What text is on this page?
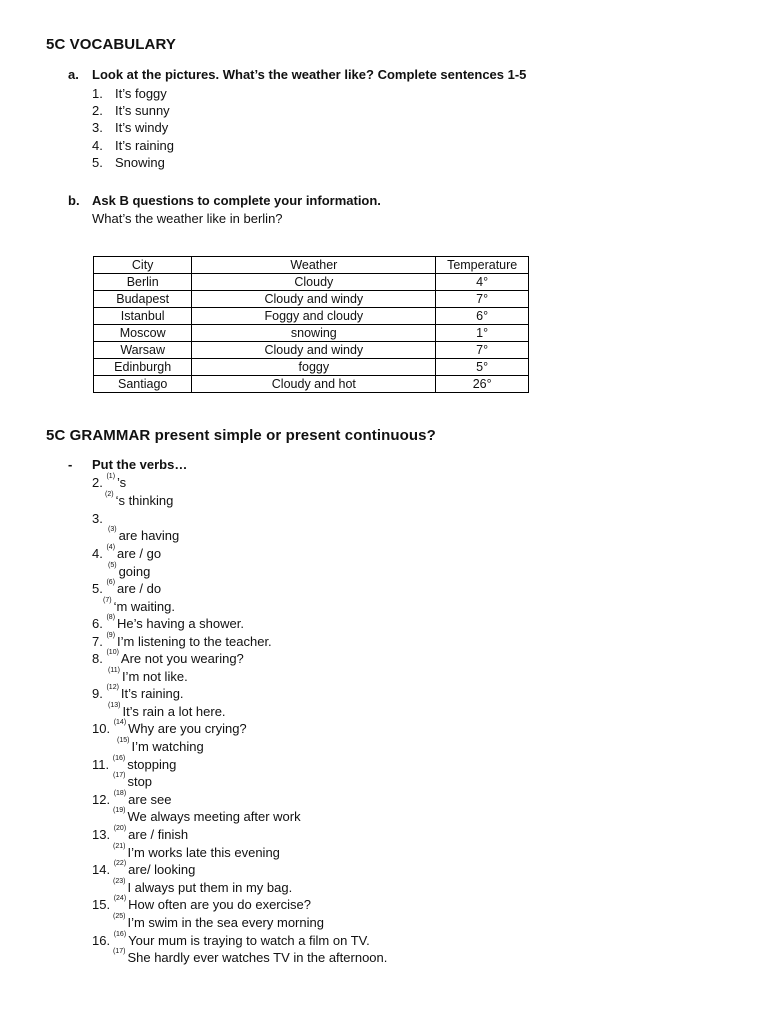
5C VOCABULARY
a. Look at the pictures. What’s the weather like? Complete sentences 1-5
1. It’s foggy
2. It’s sunny
3. It’s windy
4. It’s raining
5. Snowing
b. Ask B questions to complete your information.
What’s the weather like in berlin?
City	Weather	Temperature
Berlin	Cloudy	4°
Budapest	Cloudy and windy	7°
Istanbul	Foggy and cloudy	6°
Moscow	snowing	1°
Warsaw	Cloudy and windy	7°
Edinburgh	foggy	5°
Santiago	Cloudy and hot	26°
5C GRAMMAR present simple or present continuous?
- Put the verbs…
2. $^{(1)}$ ’s
$^{(2)}$ ‘s thinking
3.
$^{(3)}$ are having
4. $^{(4)}$ are / go
$^{(5)}$ going
5. $^{(6)}$ are / do
$^{(7)}$ ‘m waiting.
6. $^{(8)}$ He’s having a shower.
7. $^{(9)}$ I’m listening to the teacher.
8. $^{(10)}$ Are not you wearing?
$^{(11)}$ I’m not like.
9. $^{(12)}$ It’s raining.
$^{(13)}$ It’s rain a lot here.
10. $^{(14)}$ Why are you crying?
$^{(15)}$ I’m watching
11. $^{(16)}$ stopping
$^{(17)}$ stop
12. $^{(18)}$ are see
$^{(19)}$ We always meeting after work
13. $^{(20)}$ are / finish
$^{(21)}$ I’m works late this evening
14. $^{(22)}$ are/ looking
$^{(23)}$ I always put them in my bag.
15. $^{(24)}$ How often are you do exercise?
$^{(25)}$ I’m swim in the sea every morning
16. $^{(16)}$ Your mum is traying to watch a film on TV.
$^{(17)}$ She hardly ever watches TV in the afternoon.
